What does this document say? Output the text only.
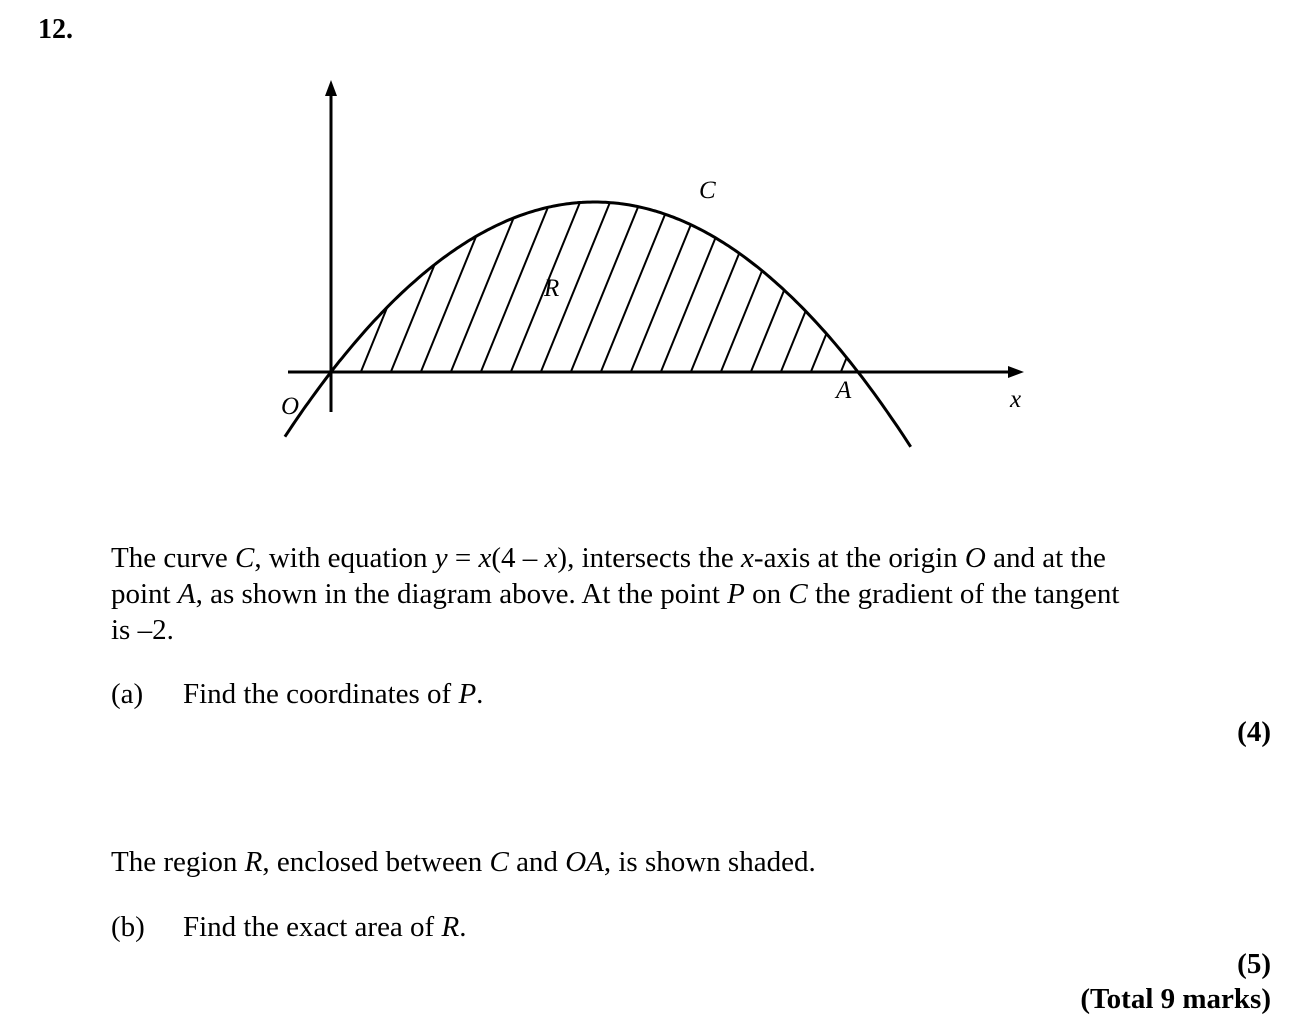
12.
C
R
O
A	x

The curve C, with equation y = x(4 – x), intersects the x-axis at the origin O and at the

point A, as shown in the diagram above. At the point P on C the gradient of the tangent

is –2.

(a) Find the coordinates of P.
(4)

The region R, enclosed between C and OA, is shown shaded.

(b) Find the exact area of R.
(5)
(Total 9 marks)
